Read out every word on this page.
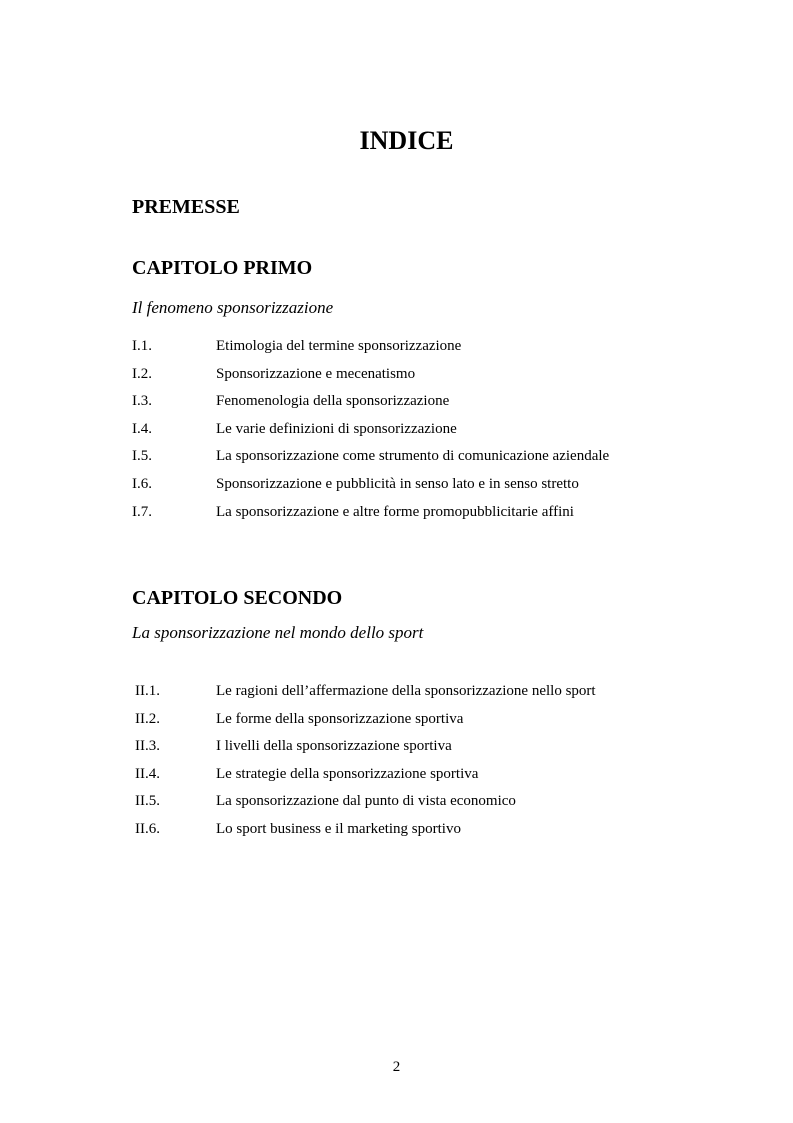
INDICE
PREMESSE
CAPITOLO PRIMO
Il fenomeno sponsorizzazione
I.1.	Etimologia del termine sponsorizzazione
I.2.	Sponsorizzazione e mecenatismo
I.3.	Fenomenologia della sponsorizzazione
I.4.	Le varie definizioni di sponsorizzazione
I.5.	La sponsorizzazione come strumento di comunicazione aziendale
I.6.	Sponsorizzazione e pubblicità in senso lato e in senso stretto
I.7.	La sponsorizzazione e altre forme promopubblicitarie affini
CAPITOLO SECONDO
La sponsorizzazione nel mondo dello sport
II.1.	Le ragioni dell’affermazione della sponsorizzazione nello sport
II.2.	Le forme della sponsorizzazione sportiva
II.3.	I livelli della sponsorizzazione sportiva
II.4.	Le strategie della sponsorizzazione sportiva
II.5.	La sponsorizzazione dal punto di vista economico
II.6.	Lo sport business e il marketing sportivo
2
